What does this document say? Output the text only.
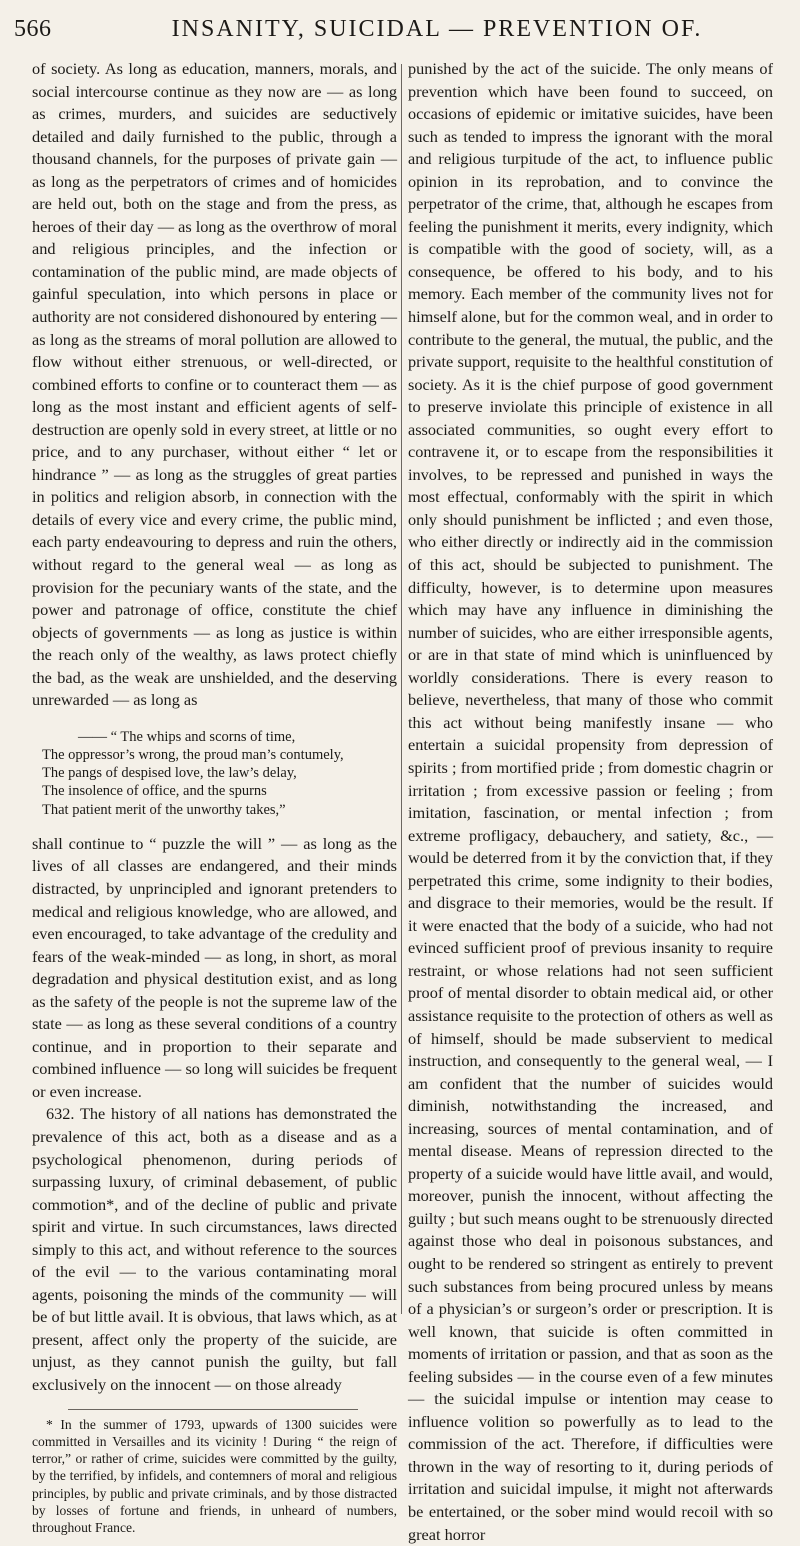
566	INSANITY, SUICIDAL — PREVENTION OF.

of society. As long as education, manners, morals, and social intercourse continue as they now are — as long as crimes, murders, and suicides are seductively detailed and daily furnished to the public, through a thousand channels, for the purposes of private gain — as long as the perpetrators of crimes and of homicides are held out, both on the stage and from the press, as heroes of their day — as long as the overthrow of moral and religious principles, and the infection or contamination of the public mind, are made objects of gainful speculation, into which persons in place or authority are not considered dishonoured by entering — as long as the streams of moral pollution are allowed to flow without either strenuous, or well-directed, or combined efforts to confine or to counteract them — as long as the most instant and efficient agents of self-destruction are openly sold in every street, at little or no price, and to any purchaser, without either “ let or hindrance ” — as long as the struggles of great parties in politics and religion absorb, in connection with the details of every vice and every crime, the public mind, each party endeavouring to depress and ruin the others, without regard to the general weal — as long as provision for the pecuniary wants of the state, and the power and patronage of office, constitute the chief objects of governments — as long as justice is within the reach only of the wealthy, as laws protect chiefly the bad, as the weak are unshielded, and the deserving unrewarded — as long as

—— “ The whips and scorns of time,
The oppressor’s wrong, the proud man’s contumely,
The pangs of despised love, the law’s delay,
The insolence of office, and the spurns
That patient merit of the unworthy takes,”

shall continue to “ puzzle the will ” — as long as the lives of all classes are endangered, and their minds distracted, by unprincipled and ignorant pretenders to medical and religious knowledge, who are allowed, and even encouraged, to take advantage of the credulity and fears of the weak-minded — as long, in short, as moral degradation and physical destitution exist, and as long as the safety of the people is not the supreme law of the state — as long as these several conditions of a country continue, and in proportion to their separate and combined influence — so long will suicides be frequent or even increase.

632. The history of all nations has demonstrated the prevalence of this act, both as a disease and as a psychological phenomenon, during periods of surpassing luxury, of criminal debasement, of public commotion*, and of the decline of public and private spirit and virtue. In such circumstances, laws directed simply to this act, and without reference to the sources of the evil — to the various contaminating moral agents, poisoning the minds of the community — will be of but little avail. It is obvious, that laws which, as at present, affect only the property of the suicide, are unjust, as they cannot punish the guilty, but fall exclusively on the innocent — on those already

* In the summer of 1793, upwards of 1300 suicides were committed in Versailles and its vicinity ! During “ the reign of terror,” or rather of crime, suicides were committed by the guilty, by the terrified, by infidels, and contemners of moral and religious principles, by public and private criminals, and by those distracted by losses of fortune and friends, in unheard of numbers, throughout France.

punished by the act of the suicide. The only means of prevention which have been found to succeed, on occasions of epidemic or imitative suicides, have been such as tended to impress the ignorant with the moral and religious turpitude of the act, to influence public opinion in its reprobation, and to convince the perpetrator of the crime, that, although he escapes from feeling the punishment it merits, every indignity, which is compatible with the good of society, will, as a consequence, be offered to his body, and to his memory. Each member of the community lives not for himself alone, but for the common weal, and in order to contribute to the general, the mutual, the public, and the private support, requisite to the healthful constitution of society. As it is the chief purpose of good government to preserve inviolate this principle of existence in all associated communities, so ought every effort to contravene it, or to escape from the responsibilities it involves, to be repressed and punished in ways the most effectual, conformably with the spirit in which only should punishment be inflicted ; and even those, who either directly or indirectly aid in the commission of this act, should be subjected to punishment. The difficulty, however, is to determine upon measures which may have any influence in diminishing the number of suicides, who are either irresponsible agents, or are in that state of mind which is uninfluenced by worldly considerations. There is every reason to believe, nevertheless, that many of those who commit this act without being manifestly insane — who entertain a suicidal propensity from depression of spirits ; from mortified pride ; from domestic chagrin or irritation ; from excessive passion or feeling ; from imitation, fascination, or mental infection ; from extreme profligacy, debauchery, and satiety, &c., — would be deterred from it by the conviction that, if they perpetrated this crime, some indignity to their bodies, and disgrace to their memories, would be the result. If it were enacted that the body of a suicide, who had not evinced sufficient proof of previous insanity to require restraint, or whose relations had not seen sufficient proof of mental disorder to obtain medical aid, or other assistance requisite to the protection of others as well as of himself, should be made subservient to medical instruction, and consequently to the general weal, — I am confident that the number of suicides would diminish, notwithstanding the increased, and increasing, sources of mental contamination, and of mental disease. Means of repression directed to the property of a suicide would have little avail, and would, moreover, punish the innocent, without affecting the guilty ; but such means ought to be strenuously directed against those who deal in poisonous substances, and ought to be rendered so stringent as entirely to prevent such substances from being procured unless by means of a physician’s or surgeon’s order or prescription. It is well known, that suicide is often committed in moments of irritation or passion, and that as soon as the feeling subsides — in the course even of a few minutes — the suicidal impulse or intention may cease to influence volition so powerfully as to lead to the commission of the act. Therefore, if difficulties were thrown in the way of resorting to it, during periods of irritation and suicidal impulse, it might not afterwards be entertained, or the sober mind would recoil with so great horror
